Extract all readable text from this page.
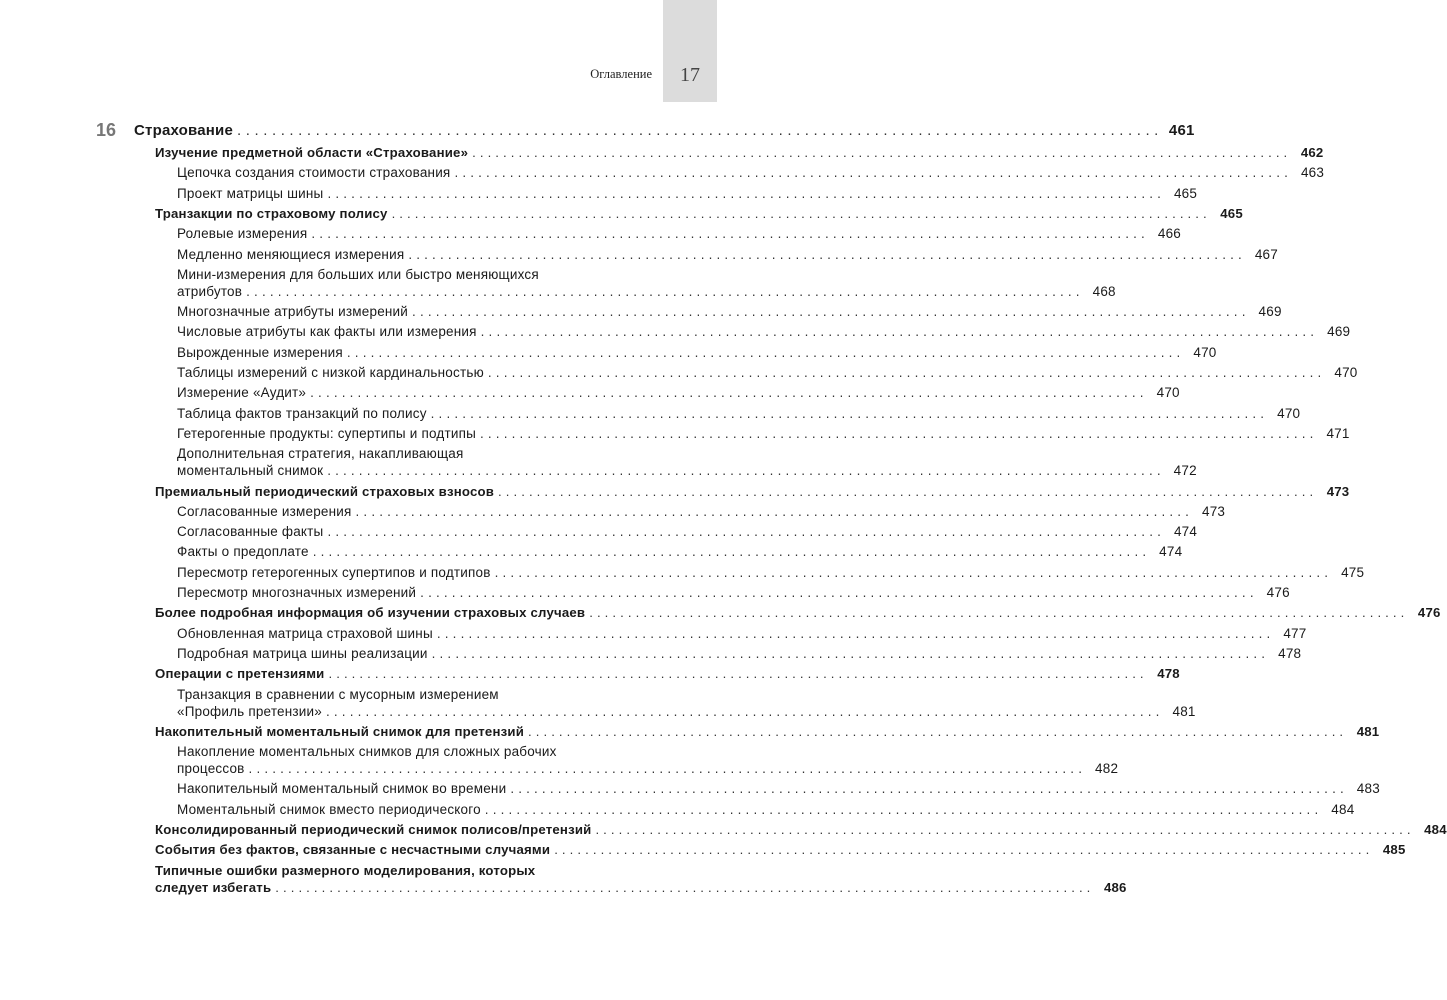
17
Оглавление
16 Страхование . . .	461
Изучение предметной области «Страхование» . . .	462
Цепочка создания стоимости страхования . . .	463
Проект матрицы шины . . .	465
Транзакции по страховому полису . . .	465
Ролевые измерения . . .	466
Медленно меняющиеся измерения . . .	467
Мини-измерения для больших или быстро меняющихся
атрибутов . . .	468
Многозначные атрибуты измерений . . .	469
Числовые атрибуты как факты или измерения . . .	469
Вырожденные измерения . . .	470
Таблицы измерений с низкой кардинальностью . . .	470
Измерение «Аудит» . . .	470
Таблица фактов транзакций по полису . . .	470
Гетерогенные продукты: супертипы и подтипы . . .	471
Дополнительная стратегия, накапливающая
моментальный снимок . . .	472
Премиальный периодический страховых взносов . . .	473
Согласованные измерения . . .	473
Согласованные факты . . .	474
Факты о предоплате . . .	474
Пересмотр гетерогенных супертипов и подтипов . . .	475
Пересмотр многозначных измерений . . .	476
Более подробная информация об изучении страховых случаев . . .	476
Обновленная матрица страховой шины . . .	477
Подробная матрица шины реализации . . .	478
Операции с претензиями . . .	478
Транзакция в сравнении с мусорным измерением
«Профиль претензии» . . .	481
Накопительный моментальный снимок для претензий . . .	481
Накопление моментальных снимков для сложных рабочих
процессов . . .	482
Накопительный моментальный снимок во времени . . .	483
Моментальный снимок вместо периодического . . .	484
Консолидированный периодический снимок полисов/претензий . . .	484
События без фактов, связанные с несчастными случаями . . .	485
Типичные ошибки размерного моделирования, которых
следует избегать . . .	486
